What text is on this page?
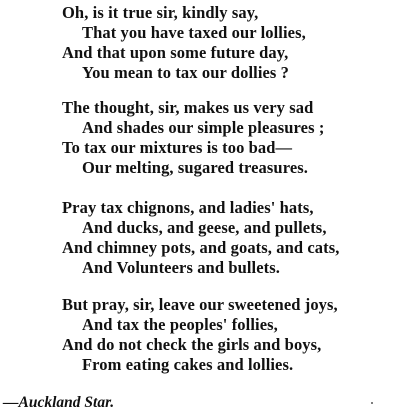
Oh, is it true sir, kindly say,
That you have taxed our lollies,
And that upon some future day,
You mean to tax our dollies ?
The thought, sir, makes us very sad
And shades our simple pleasures ;
To tax our mixtures is too bad—
Our melting, sugared treasures.
Pray tax chignons, and ladies' hats,
And ducks, and geese, and pullets,
And chimney pots, and goats, and cats,
And Volunteers and bullets.
But pray, sir, leave our sweetened joys,
And tax the peoples' follies,
And do not check the girls and boys,
From eating cakes and lollies.
—Auckland Star.
